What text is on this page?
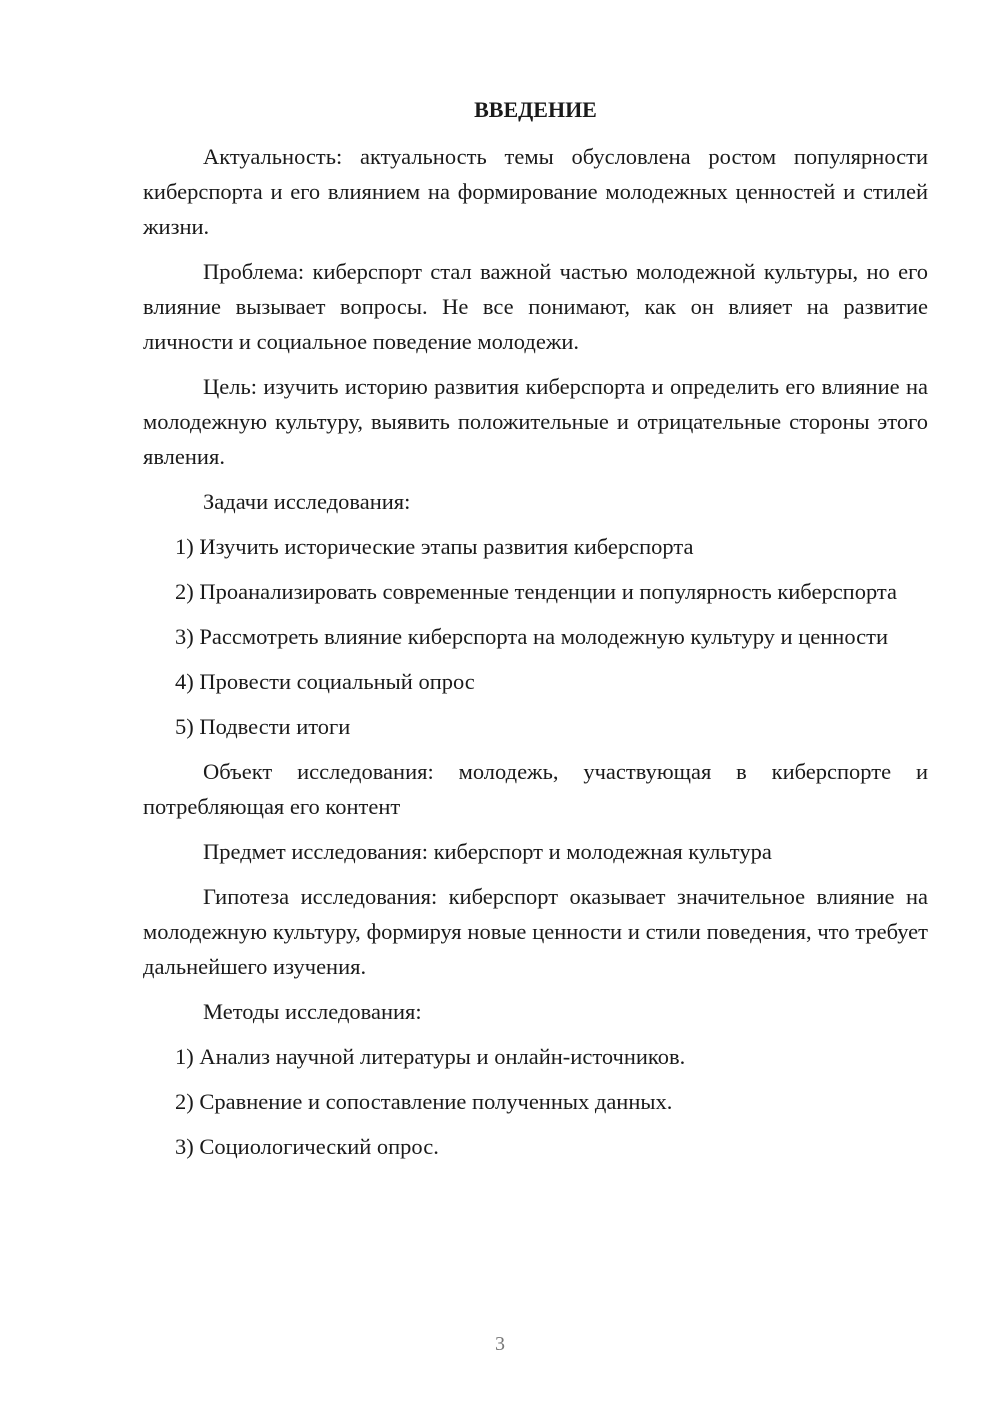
ВВЕДЕНИЕ
Актуальность: актуальность темы обусловлена ростом популярности киберспорта и его влиянием на формирование молодежных ценностей и стилей жизни.
Проблема: киберспорт стал важной частью молодежной культуры, но его влияние вызывает вопросы. Не все понимают, как он влияет на развитие личности и социальное поведение молодежи.
Цель: изучить историю развития киберспорта и определить его влияние на молодежную культуру, выявить положительные и отрицательные стороны этого явления.
Задачи исследования:
1) Изучить исторические этапы развития киберспорта
2) Проанализировать современные тенденции и популярность киберспорта
3) Рассмотреть влияние киберспорта на молодежную культуру и ценности
4) Провести социальный опрос
5) Подвести итоги
Объект исследования: молодежь, участвующая в киберспорте и потребляющая его контент
Предмет исследования: киберспорт и молодежная культура
Гипотеза исследования: киберспорт оказывает значительное влияние на молодежную культуру, формируя новые ценности и стили поведения, что требует дальнейшего изучения.
Методы исследования:
1) Анализ научной литературы и онлайн-источников.
2) Сравнение и сопоставление полученных данных.
3) Социологический опрос.
3
